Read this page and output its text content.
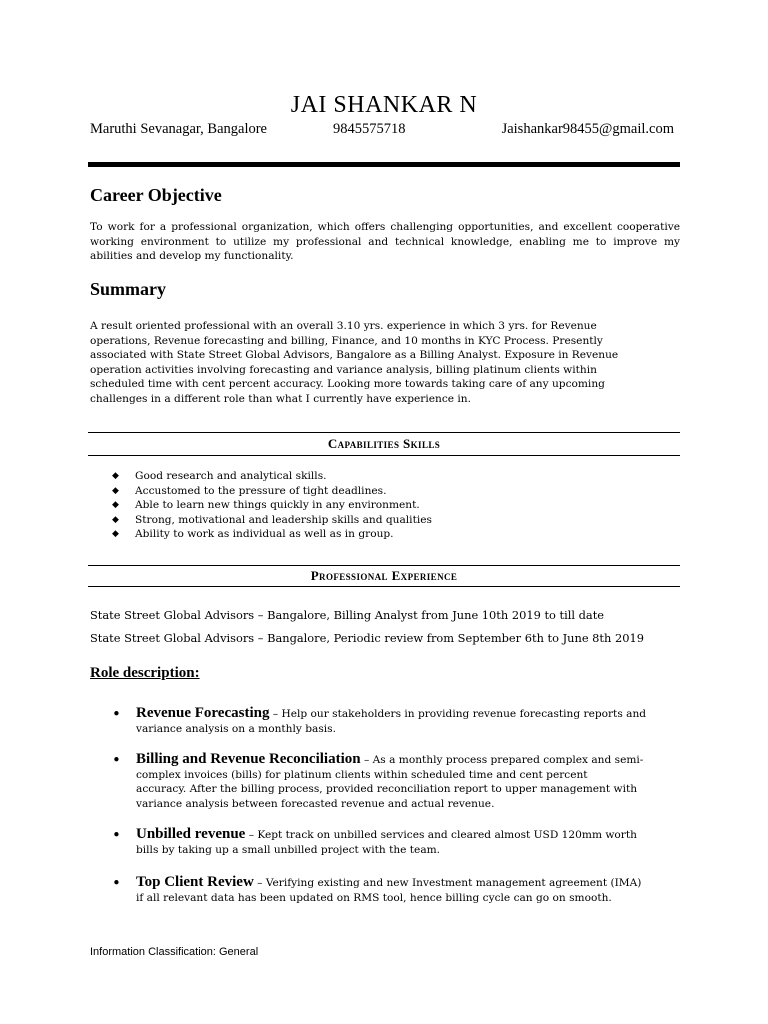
JAI SHANKAR N
Maruthi Sevanagar, Bangalore	9845575718	Jaishankar98455@gmail.com
Career Objective
To work for a professional organization, which offers challenging opportunities, and excellent cooperative working environment to utilize my professional and technical knowledge, enabling me to improve my abilities and develop my functionality.
Summary
A result oriented professional with an overall 3.10 yrs. experience in which 3 yrs. for Revenue
operations, Revenue forecasting and billing, Finance, and 10 months in KYC Process. Presently
associated with State Street Global Advisors, Bangalore as a Billing Analyst. Exposure in Revenue
operation activities involving forecasting and variance analysis, billing platinum clients within
scheduled time with cent percent accuracy. Looking more towards taking care of any upcoming
challenges in a different role than what I currently have experience in.
Capabilities Skills
◆ Good research and analytical skills.
◆ Accustomed to the pressure of tight deadlines.
◆ Able to learn new things quickly in any environment.
◆ Strong, motivational and leadership skills and qualities
◆ Ability to work as individual as well as in group.
Professional Experience
State Street Global Advisors – Bangalore, Billing Analyst from June 10th 2019 to till date
State Street Global Advisors – Bangalore, Periodic review from September 6th to June 8th 2019
Role description:
• Revenue Forecasting – Help our stakeholders in providing revenue forecasting reports and
variance analysis on a monthly basis.
• Billing and Revenue Reconciliation – As a monthly process prepared complex and semi-
complex invoices (bills) for platinum clients within scheduled time and cent percent
accuracy. After the billing process, provided reconciliation report to upper management with
variance analysis between forecasted revenue and actual revenue.
• Unbilled revenue – Kept track on unbilled services and cleared almost USD 120mm worth
bills by taking up a small unbilled project with the team.
• Top Client Review – Verifying existing and new Investment management agreement (IMA)
if all relevant data has been updated on RMS tool, hence billing cycle can go on smooth.
Information Classification: General
